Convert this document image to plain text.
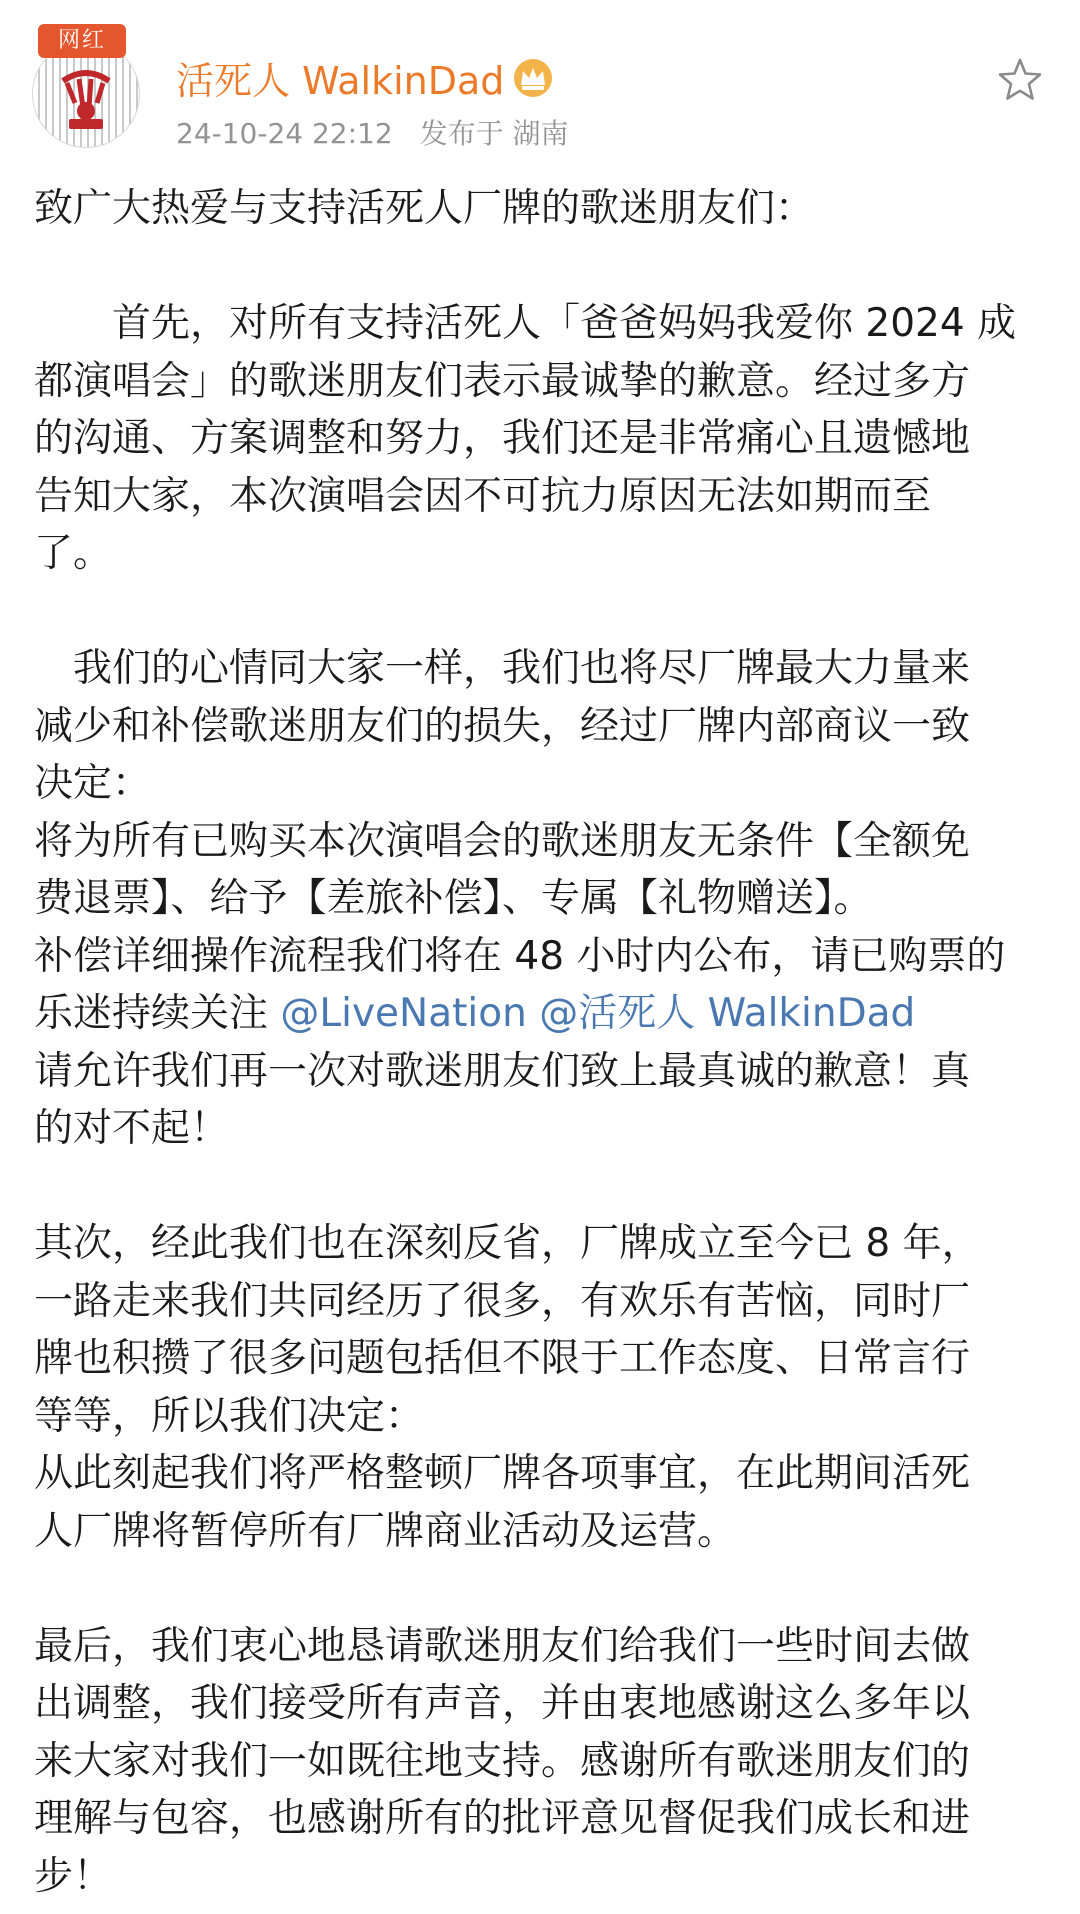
网红
活死人 WalkinDad
24-10-24 22:12 发布于 湖南

致广大热爱与支持活死人厂牌的歌迷朋友们：

　　首先，对所有支持活死人「爸爸妈妈我爱你 2024 成

都演唱会」的歌迷朋友们表示最诚挚的歉意。经过多方

的沟通、方案调整和努力，我们还是非常痛心且遗憾地

告知大家，本次演唱会因不可抗力原因无法如期而至

了。

　我们的心情同大家一样，我们也将尽厂牌最大力量来

减少和补偿歌迷朋友们的损失，经过厂牌内部商议一致

决定：

将为所有已购买本次演唱会的歌迷朋友无条件【全额免

费退票】、给予【差旅补偿】、专属【礼物赠送】。

补偿详细操作流程我们将在 48 小时内公布，请已购票的

乐迷持续关注 @LiveNation @活死人 WalkinDad

请允许我们再一次对歌迷朋友们致上最真诚的歉意！真

的对不起！

其次，经此我们也在深刻反省，厂牌成立至今已 8 年，

一路走来我们共同经历了很多，有欢乐有苦恼，同时厂

牌也积攒了很多问题包括但不限于工作态度、日常言行

等等，所以我们决定：

从此刻起我们将严格整顿厂牌各项事宜，在此期间活死

人厂牌将暂停所有厂牌商业活动及运营。

最后，我们衷心地恳请歌迷朋友们给我们一些时间去做

出调整，我们接受所有声音，并由衷地感谢这么多年以

来大家对我们一如既往地支持。感谢所有歌迷朋友们的

理解与包容，也感谢所有的批评意见督促我们成长和进

步！
